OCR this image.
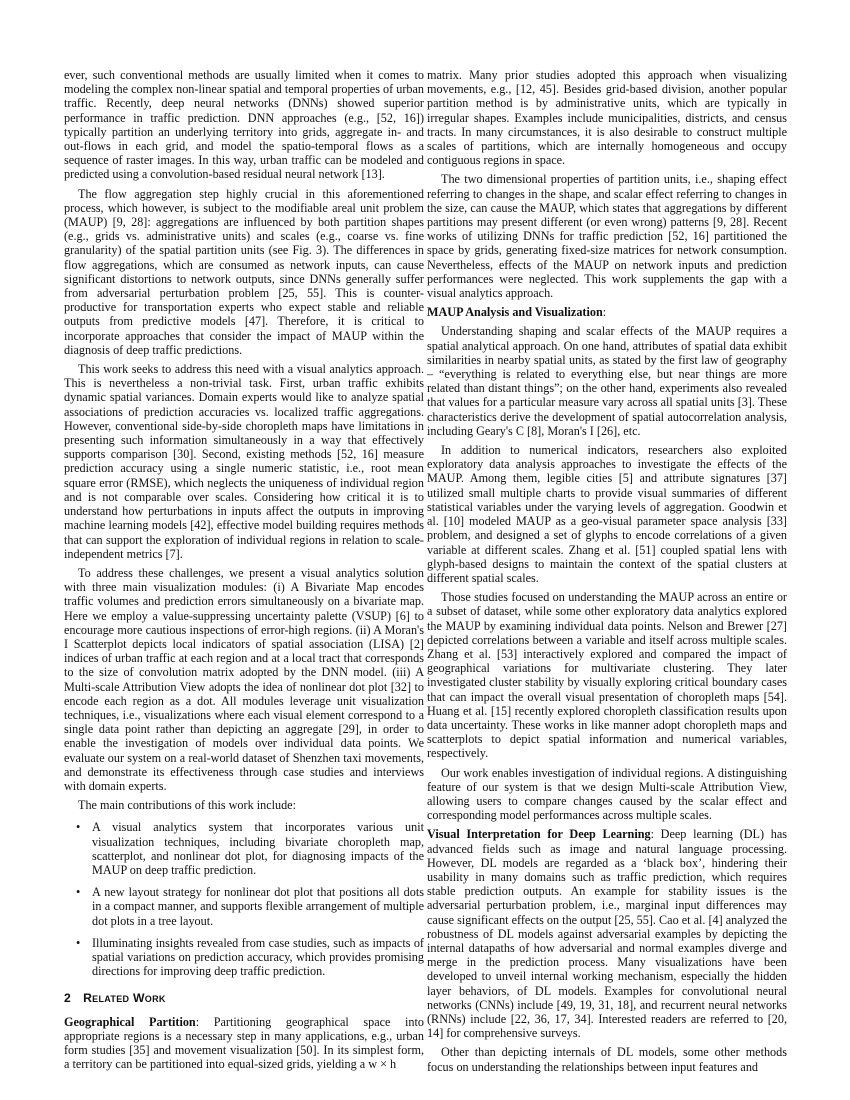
ever, such conventional methods are usually limited when it comes to modeling the complex non-linear spatial and temporal properties of urban traffic. Recently, deep neural networks (DNNs) showed superior performance in traffic prediction. DNN approaches (e.g., [52, 16]) typically partition an underlying territory into grids, aggregate in- and out-flows in each grid, and model the spatio-temporal flows as a sequence of raster images. In this way, urban traffic can be modeled and predicted using a convolution-based residual neural network [13].

The flow aggregation step highly crucial in this aforementioned process, which however, is subject to the modifiable areal unit problem (MAUP) [9, 28]: aggregations are influenced by both partition shapes (e.g., grids vs. administrative units) and scales (e.g., coarse vs. fine granularity) of the spatial partition units (see Fig. 3). The differences in flow aggregations, which are consumed as network inputs, can cause significant distortions to network outputs, since DNNs generally suffer from adversarial perturbation problem [25, 55]. This is counter-productive for transportation experts who expect stable and reliable outputs from predictive models [47]. Therefore, it is critical to incorporate approaches that consider the impact of MAUP within the diagnosis of deep traffic predictions.

This work seeks to address this need with a visual analytics approach. This is nevertheless a non-trivial task. First, urban traffic exhibits dynamic spatial variances. Domain experts would like to analyze spatial associations of prediction accuracies vs. localized traffic aggregations. However, conventional side-by-side choropleth maps have limitations in presenting such information simultaneously in a way that effectively supports comparison [30]. Second, existing methods [52, 16] measure prediction accuracy using a single numeric statistic, i.e., root mean square error (RMSE), which neglects the uniqueness of individual region and is not comparable over scales. Considering how critical it is to understand how perturbations in inputs affect the outputs in improving machine learning models [42], effective model building requires methods that can support the exploration of individual regions in relation to scale-independent metrics [7].

To address these challenges, we present a visual analytics solution with three main visualization modules: (i) A Bivariate Map encodes traffic volumes and prediction errors simultaneously on a bivariate map. Here we employ a value-suppressing uncertainty palette (VSUP) [6] to encourage more cautious inspections of error-high regions. (ii) A Moran's I Scatterplot depicts local indicators of spatial association (LISA) [2] indices of urban traffic at each region and at a local tract that corresponds to the size of convolution matrix adopted by the DNN model. (iii) A Multi-scale Attribution View adopts the idea of nonlinear dot plot [32] to encode each region as a dot. All modules leverage unit visualization techniques, i.e., visualizations where each visual element correspond to a single data point rather than depicting an aggregate [29], in order to enable the investigation of models over individual data points. We evaluate our system on a real-world dataset of Shenzhen taxi movements, and demonstrate its effectiveness through case studies and interviews with domain experts.

The main contributions of this work include:

• A visual analytics system that incorporates various unit visualization techniques, including bivariate choropleth map, scatterplot, and nonlinear dot plot, for diagnosing impacts of the MAUP on deep traffic prediction.
• A new layout strategy for nonlinear dot plot that positions all dots in a compact manner, and supports flexible arrangement of multiple dot plots in a tree layout.
• Illuminating insights revealed from case studies, such as impacts of spatial variations on prediction accuracy, which provides promising directions for improving deep traffic prediction.
2 Related Work

Geographical Partition: Partitioning geographical space into appropriate regions is a necessary step in many applications, e.g., urban form studies [35] and movement visualization [50]. In its simplest form, a territory can be partitioned into equal-sized grids, yielding a w × h

matrix. Many prior studies adopted this approach when visualizing movements, e.g., [12, 45]. Besides grid-based division, another popular partition method is by administrative units, which are typically in irregular shapes. Examples include municipalities, districts, and census tracts. In many circumstances, it is also desirable to construct multiple scales of partitions, which are internally homogeneous and occupy contiguous regions in space.

The two dimensional properties of partition units, i.e., shaping effect referring to changes in the shape, and scalar effect referring to changes in the size, can cause the MAUP, which states that aggregations by different partitions may present different (or even wrong) patterns [9, 28]. Recent works of utilizing DNNs for traffic prediction [52, 16] partitioned the space by grids, generating fixed-size matrices for network consumption. Nevertheless, effects of the MAUP on network inputs and prediction performances were neglected. This work supplements the gap with a visual analytics approach.

MAUP Analysis and Visualization:

Understanding shaping and scalar effects of the MAUP requires a spatial analytical approach. On one hand, attributes of spatial data exhibit similarities in nearby spatial units, as stated by the first law of geography – “everything is related to everything else, but near things are more related than distant things”; on the other hand, experiments also revealed that values for a particular measure vary across all spatial units [3]. These characteristics derive the development of spatial autocorrelation analysis, including Geary's C [8], Moran's I [26], etc.

In addition to numerical indicators, researchers also exploited exploratory data analysis approaches to investigate the effects of the MAUP. Among them, legible cities [5] and attribute signatures [37] utilized small multiple charts to provide visual summaries of different statistical variables under the varying levels of aggregation. Goodwin et al. [10] modeled MAUP as a geo-visual parameter space analysis [33] problem, and designed a set of glyphs to encode correlations of a given variable at different scales. Zhang et al. [51] coupled spatial lens with glyph-based designs to maintain the context of the spatial clusters at different spatial scales.

Those studies focused on understanding the MAUP across an entire or a subset of dataset, while some other exploratory data analytics explored the MAUP by examining individual data points. Nelson and Brewer [27] depicted correlations between a variable and itself across multiple scales. Zhang et al. [53] interactively explored and compared the impact of geographical variations for multivariate clustering. They later investigated cluster stability by visually exploring critical boundary cases that can impact the overall visual presentation of choropleth maps [54]. Huang et al. [15] recently explored choropleth classification results upon data uncertainty. These works in like manner adopt choropleth maps and scatterplots to depict spatial information and numerical variables, respectively.

Our work enables investigation of individual regions. A distinguishing feature of our system is that we design Multi-scale Attribution View, allowing users to compare changes caused by the scalar effect and corresponding model performances across multiple scales.

Visual Interpretation for Deep Learning: Deep learning (DL) has advanced fields such as image and natural language processing. However, DL models are regarded as a ‘black box’, hindering their usability in many domains such as traffic prediction, which requires stable prediction outputs. An example for stability issues is the adversarial perturbation problem, i.e., marginal input differences may cause significant effects on the output [25, 55]. Cao et al. [4] analyzed the robustness of DL models against adversarial examples by depicting the internal datapaths of how adversarial and normal examples diverge and merge in the prediction process. Many visualizations have been developed to unveil internal working mechanism, especially the hidden layer behaviors, of DL models. Examples for convolutional neural networks (CNNs) include [49, 19, 31, 18], and recurrent neural networks (RNNs) include [22, 36, 17, 34]. Interested readers are referred to [20, 14] for comprehensive surveys.

Other than depicting internals of DL models, some other methods focus on understanding the relationships between input features and
